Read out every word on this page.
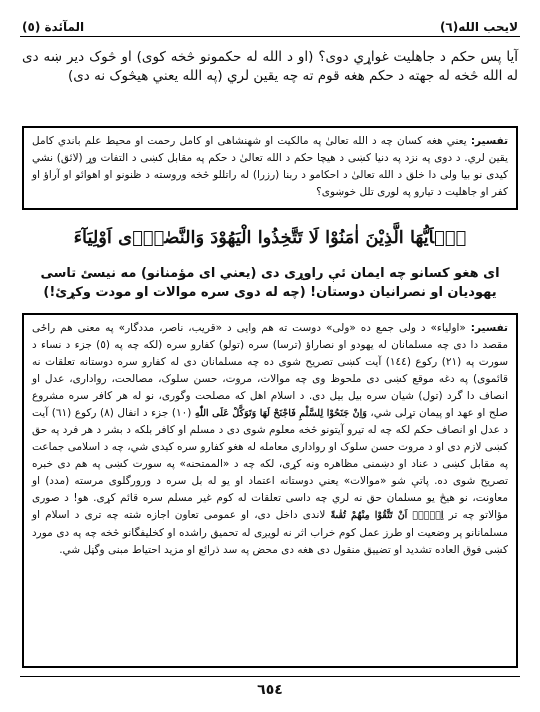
لايحب الله(٦)
المآئدة (٥)
آيا پس حکم د جاهليت غواړي دوی؟ (او د الله له حکمونو څخه کوی) او څوک دير ښه دی له الله څخه له جهته د حکم هغه قوم ته چه يقين لري (په الله يعني هيڅوک نه دی)

تفسير: يعني هغه کسان چه د الله تعالیٰ په مالکيت او شهنشاهی او کامل رحمت او محيط علم باندي کامل يقين لري. د دوی په نزد په دنيا کښی د هيچا حکم د الله تعالیٰ د حکم په مقابل کښی د التفات وړ (لائق) نشي کيدی نو بيا ولی دا خلق د الله تعالیٰ د احکامو د ربنا (رزرا) له راتللو څخه وروسته د ظنونو او اهوائو او آراؤ او کفر او جاهليت د تيارو په لوری تلل خوښوی؟

يٰۤاَيُّهَا الَّذِيْنَ اٰمَنُوْا لَا تَتَّخِذُوا الْيَهُوْدَ وَالنَّصٰرٰۤى اَوْلِيَآءَ
ای هغو کسانو چه ايمان ئې راوړی دی (يعني ای مؤمنانو) مه نيسئ تاسی يهوديان او نصرانيان دوستان! (چه له دوی سره موالات او مودت وکړئ!)

تفسير: «اولياء» د ولی جمع ده «ولی» دوست ته هم وايی د «قريب، ناصر، مددگار» په معنی هم راځی مقصد دا دی چه مسلمانان له يهودو او نصاراؤ (ترسا) سره (تولو) کفارو سره (لکه چه په (٥) جزء د نساء د سورت په (٢١) رکوع (١٤٤) آيت کښی تصريح شوی ده چه مسلمانان دی له کفارو سره دوستانه تعلقات نه قائموی) په دغه موقع کښی دی ملحوظ وی چه موالات، مروت، حسن سلوک، مصالحت، رواداری، عدل او انصاف دا گرد (تول) شيان سره بيل بيل دی. د اسلام اهل که مصلحت وگوری، نو له هر کافر سره مشروع صلح او عهد او پيمان تړلی شي، وَاِنْ جَنَحُوْا لِلسَّلْمِ فَاجْنَحْ لَهَا وَتَوَكَّلْ عَلَى اللّٰهِ (١٠) جزء د انفال (٨) رکوع (٦١) آيت د عدل او انصاف حکم لکه چه له تيرو آيتونو څخه معلوم شوی دی د مسلم او کافر بلکه د بشر د هر فرد په حق کښی لازم دی او د مروت حسن سلوک او رواداری معامله له هغو کفارو سره کيدی شي، چه د اسلامی جماعت په مقابل کښی د عناد او دښمنی مظاهره ونه کړی، لکه چه د «الممتحنه» په سورت کښی په هم دی خبره تصريح شوی ده. پاتې شو «موالات» يعني دوستانه اعتماد او يو له بل سره د ورورگلوی مرسته (مدد) او معاونت، نو هيڅ يو مسلمان حق نه لري چه داسی تعلقات له کوم غير مسلم سره قائم کړی. هو! د صورى مؤالاتو چه تر اِلَّاۤ اَنْ تَتَّقُوْا مِنْهُمْ تُقٰىةً لاندی داخل دی، او عمومی تعاون اجازه شته چه تری د اسلام او مسلمانانو پر وضعيت او طرز عمل کوم خراب اثر نه لويږی له تحميق راشده او کخليفگانو څخه چه په دی مورد کښی فوق العاده تشديد او تضييق منقول دی هغه دی محض په سد ذرائع او مزيد احتياط مبنی وگڼل شي.

٦٥٤
